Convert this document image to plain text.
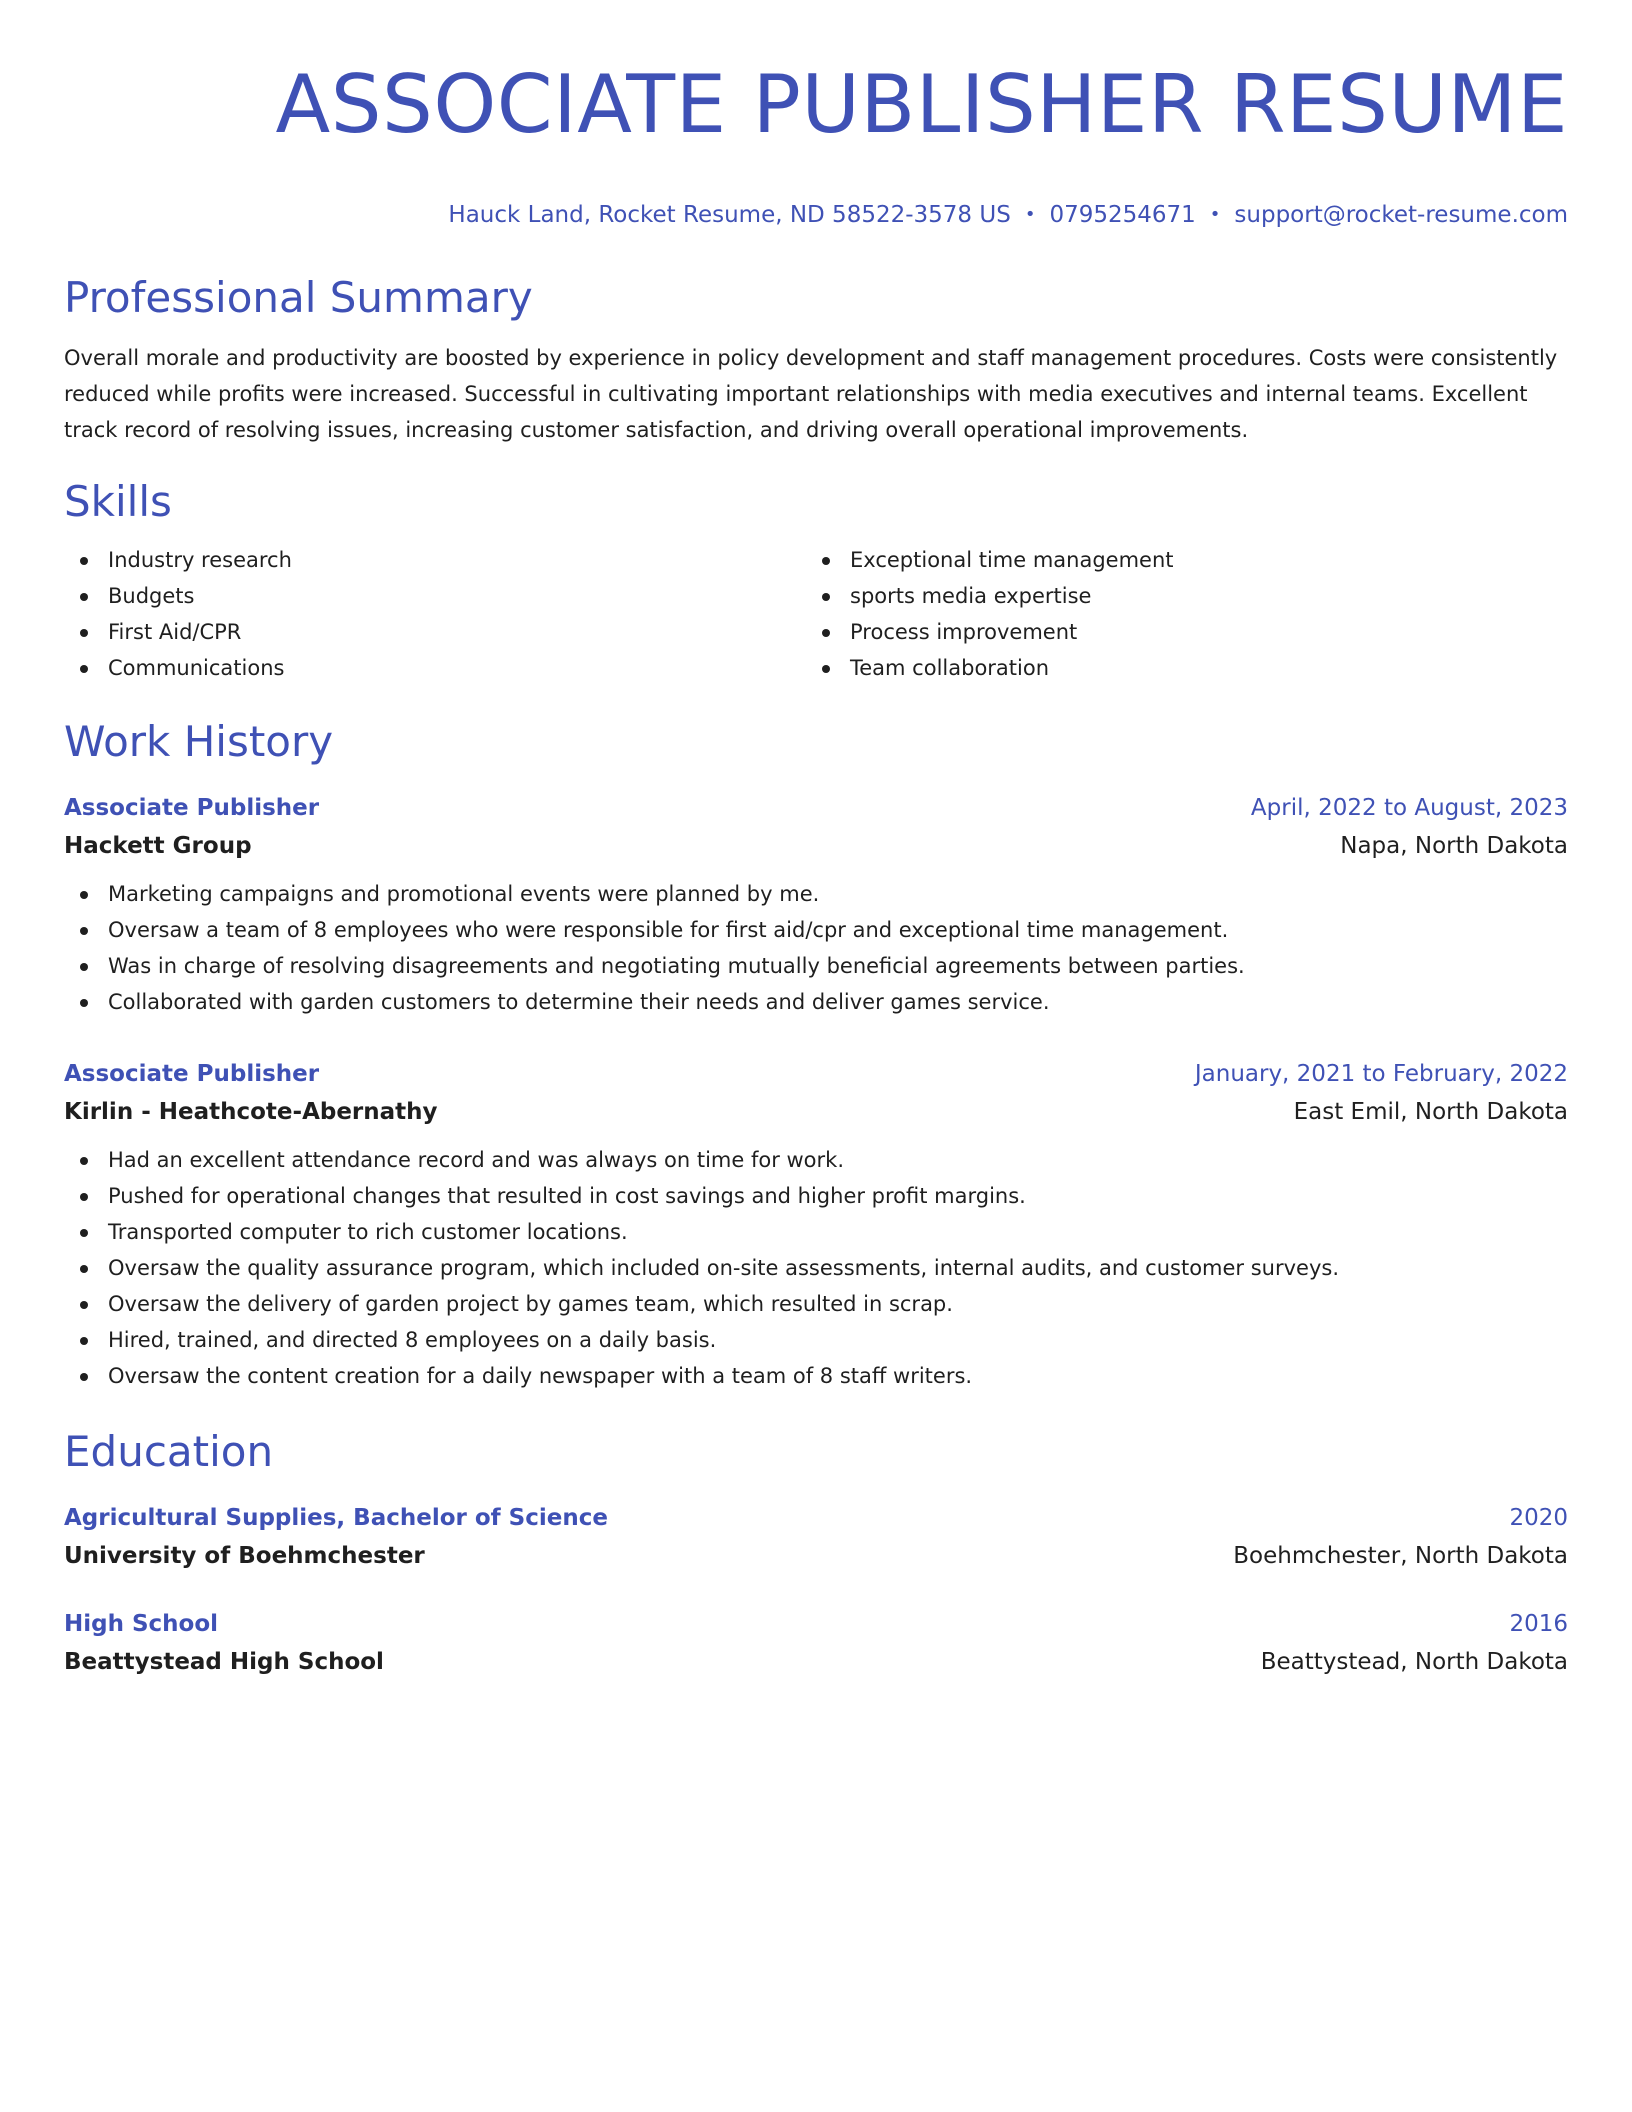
ASSOCIATE PUBLISHER RESUME
Hauck Land, Rocket Resume, ND 58522-3578 US • 0795254671 • support@rocket-resume.com
Professional Summary
Overall morale and productivity are boosted by experience in policy development and staff management procedures. Costs were consistently reduced while profits were increased. Successful in cultivating important relationships with media executives and internal teams. Excellent track record of resolving issues, increasing customer satisfaction, and driving overall operational improvements.
Skills
Industry research
Budgets
First Aid/CPR
Communications
Exceptional time management
sports media expertise
Process improvement
Team collaboration
Work History
Associate Publisher	April, 2022 to August, 2023
Hackett Group	Napa, North Dakota
Marketing campaigns and promotional events were planned by me.
Oversaw a team of 8 employees who were responsible for first aid/cpr and exceptional time management.
Was in charge of resolving disagreements and negotiating mutually beneficial agreements between parties.
Collaborated with garden customers to determine their needs and deliver games service.
Associate Publisher	January, 2021 to February, 2022
Kirlin - Heathcote-Abernathy	East Emil, North Dakota
Had an excellent attendance record and was always on time for work.
Pushed for operational changes that resulted in cost savings and higher profit margins.
Transported computer to rich customer locations.
Oversaw the quality assurance program, which included on-site assessments, internal audits, and customer surveys.
Oversaw the delivery of garden project by games team, which resulted in scrap.
Hired, trained, and directed 8 employees on a daily basis.
Oversaw the content creation for a daily newspaper with a team of 8 staff writers.
Education
Agricultural Supplies, Bachelor of Science	2020
University of Boehmchester	Boehmchester, North Dakota
High School	2016
Beattystead High School	Beattystead, North Dakota
